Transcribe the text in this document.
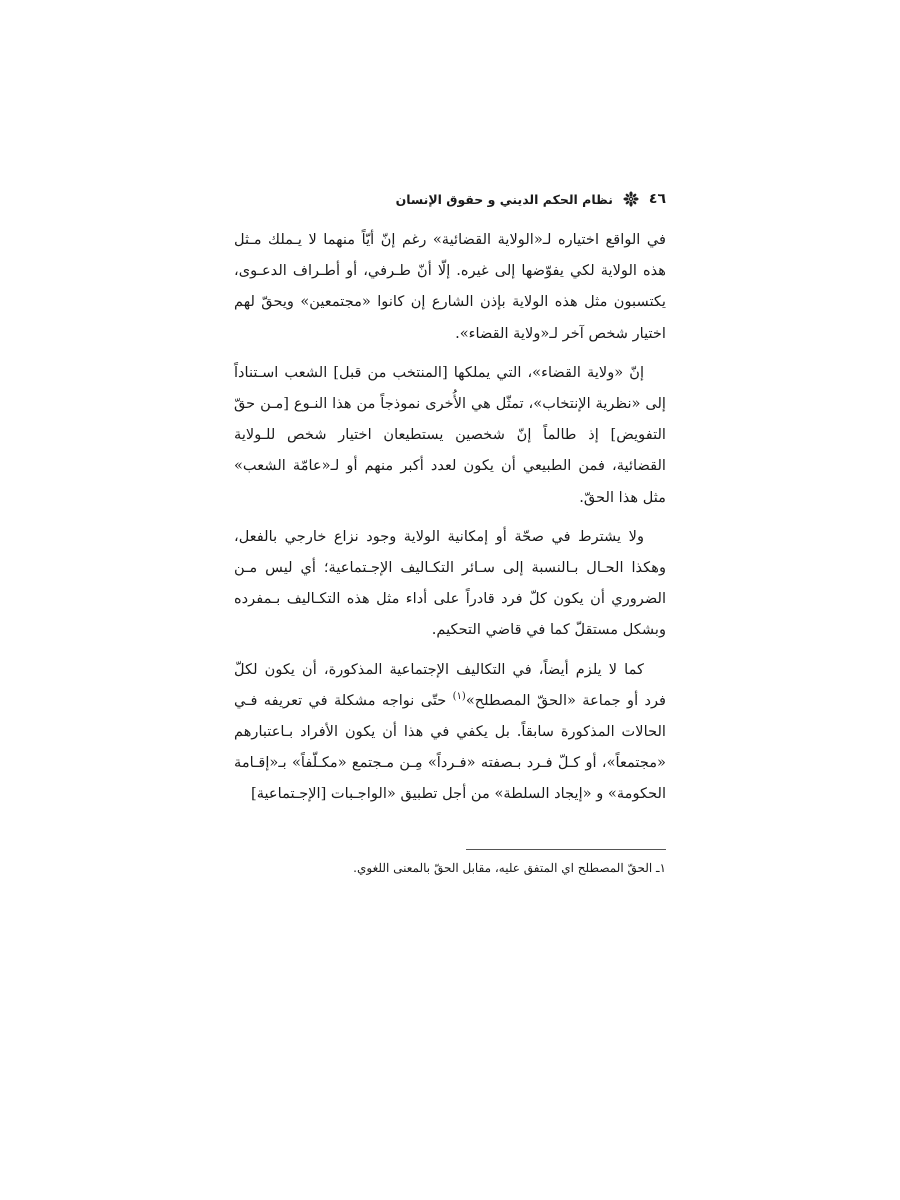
٤٦
نظام الحكم الديني و حقوق الإنسان

في الواقع اختياره لـ«الولاية القضائية» رغم إنّ أيّاً منهما لا يـملك مـثل هذه الولاية لكي يفوّضها إلى غيره. إلّا أنّ طـرفي، أو أطـراف الدعـوى، يكتسبون مثل هذه الولاية بإذن الشارع إن كانوا «مجتمعين» ويحقّ لهم اختيار شخص آخر لـ«ولاية القضاء».

إنّ «ولاية القضاء»، التي يملكها [المنتخب من قبل] الشعب اسـتناداً إلى «نظرية الإنتخاب»، تمثّل هي الأُخرى نموذجاً من هذا النـوع [مـن حقّ التفويض] إذ طالماً إنّ شخصين يستطيعان اختيار شخص للـولاية القضائية، فمن الطبيعي أن يكون لعدد أكبر منهم أو لـ«عامّة الشعب» مثل هذا الحقّ.

ولا يشترط في صحّة أو إمكانية الولاية وجود نزاع خارجي بالفعل، وهكذا الحـال بـالنسبة إلى سـائر التكـاليف الإجـتماعية؛ أي ليس مـن الضروري أن يكون كلّ فرد قادراً على أداء مثل هذه التكـاليف بـمفرده وبشكل مستقلّ كما في قاضي التحكيم.

كما لا يلزم أيضاً، في التكاليف الإجتماعية المذكورة، أن يكون لكلّ فرد أو جماعة «الحقّ المصطلح»$^{(١)}$ حتّى نواجه مشكلة في تعريفه فـي الحالات المذكورة سابقاً. بل يكفي في هذا أن يكون الأفراد بـاعتبارهم «مجتمعاً»، أو كـلّ فـرد بـصفته «فـرداً» مِـن مـجتمع «مكـلّفاً» بـ«إقـامة الحكومة» و «إيجاد السلطة» من أجل تطبيق «الواجـبات [الإجـتماعية]

١ـ الحقّ المصطلح اي المتفق عليه، مقابل الحقّ بالمعنى اللغوي.
